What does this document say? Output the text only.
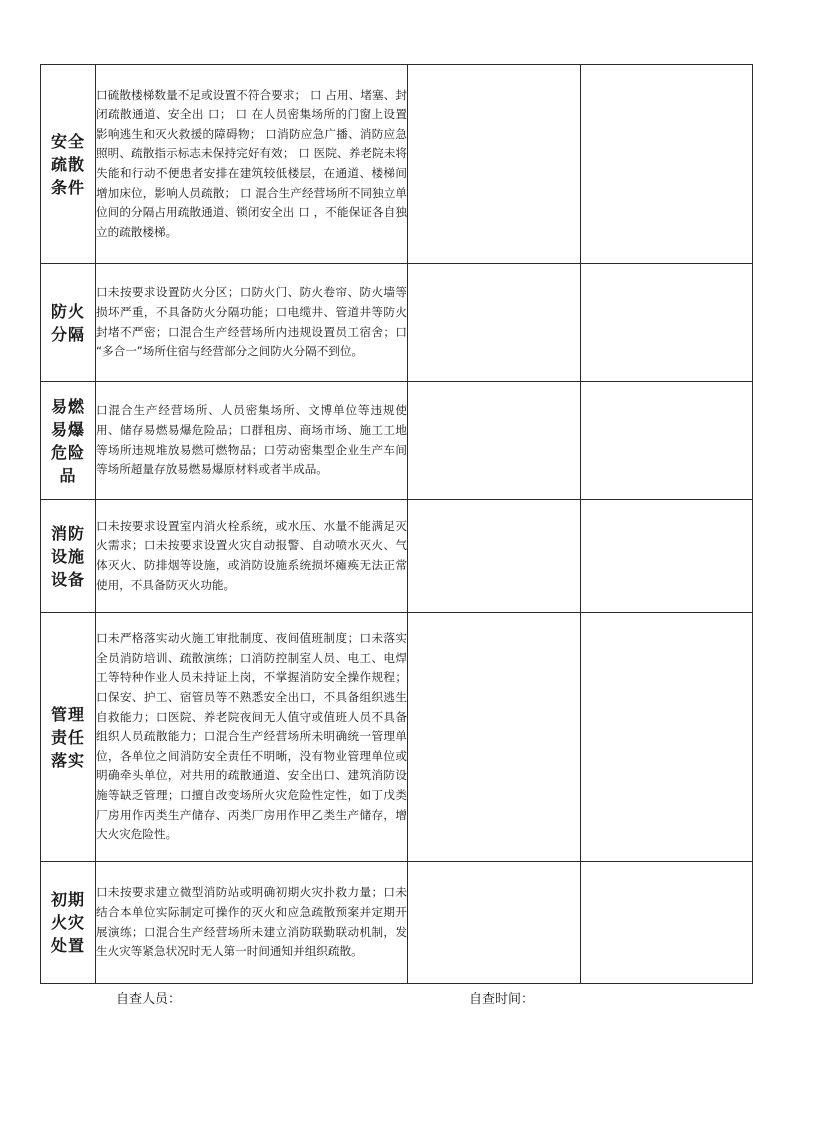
安全疏散条件	口硫散楼梯数量不足或设置不符合要求； 口 占用、堵塞、封闭疏散通道、安全出 口； 口 在人员密集场所的门窗上设置影响逃生和灭火救援的障碍物； 口消防应急广播、消防应急照明、疏散指示标志未保持完好有效； 口 医院、养老院未将失能和行动不便患者安排在建筑较低楼层，在通道、楼梯间增加床位，影响人员疏散； 口 混合生产经营场所不同独立单位间的分隔占用疏散通道、锁闭安全出 口 ，不能保证各自独立的疏散楼梯。		

防火分隔	口未按要求设置防火分区；口防火门、防火卷帘、防火墙等损坏严重，不具备防火分隔功能；口电缆井、管道井等防火封堵不严密；口混合生产经营场所内违规设置员工宿舍；口 “多合一”场所住宿与经营部分之间防火分隔不到位。		

易燃易爆危险品	口混合生产经营场所、人员密集场所、文博单位等违规使用、储存易燃易爆危险品；口群租房、商场市场、施工工地等场所违规堆放易燃可燃物品；口劳动密集型企业生产车间等场所超量存放易燃易爆原材料或者半成品。		

消防设施设备	口未按要求设置室内消火栓系统，或水压、水量不能满足灭火需求；口未按要求设置火灾自动报警、自动喷水灭火、气体灭火、防排烟等设施，或消防设施系统损坏瘫痪无法正常使用，不具备防灭火功能。		

管理责任落实	口未严格落实动火施工审批制度、夜间值班制度；口未落实全员消防培训、疏散演练；口消防控制室人员、电工、电焊工等特种作业人员未持证上岗，不掌握消防安全操作规程；口保安、护工、宿管员等不熟悉安全出口，不具备组织逃生自救能力；口医院、养老院夜间无人值守或值班人员不具备组织人员疏散能力；口混合生产经营场所未明确统一管理单位，各单位之间消防安全责任不明晰，没有物业管理单位或明确牵头单位，对共用的疏散通道、安全出口、建筑消防设施等缺乏管理；口擅自改变场所火灾危险性定性，如丁戊类厂房用作丙类生产储存、丙类厂房用作甲乙类生产储存，增大火灾危险性。		

初期火灾处置	口未按要求建立微型消防站或明确初期火灾扑救力量；口未结合本单位实际制定可操作的灭火和应急疏散预案并定期开展演练；口混合生产经营场所未建立消防联勤联动机制，发生火灾等紧急状况时无人第一时间通知并组织疏散。		
自查人员：	自查时间：
